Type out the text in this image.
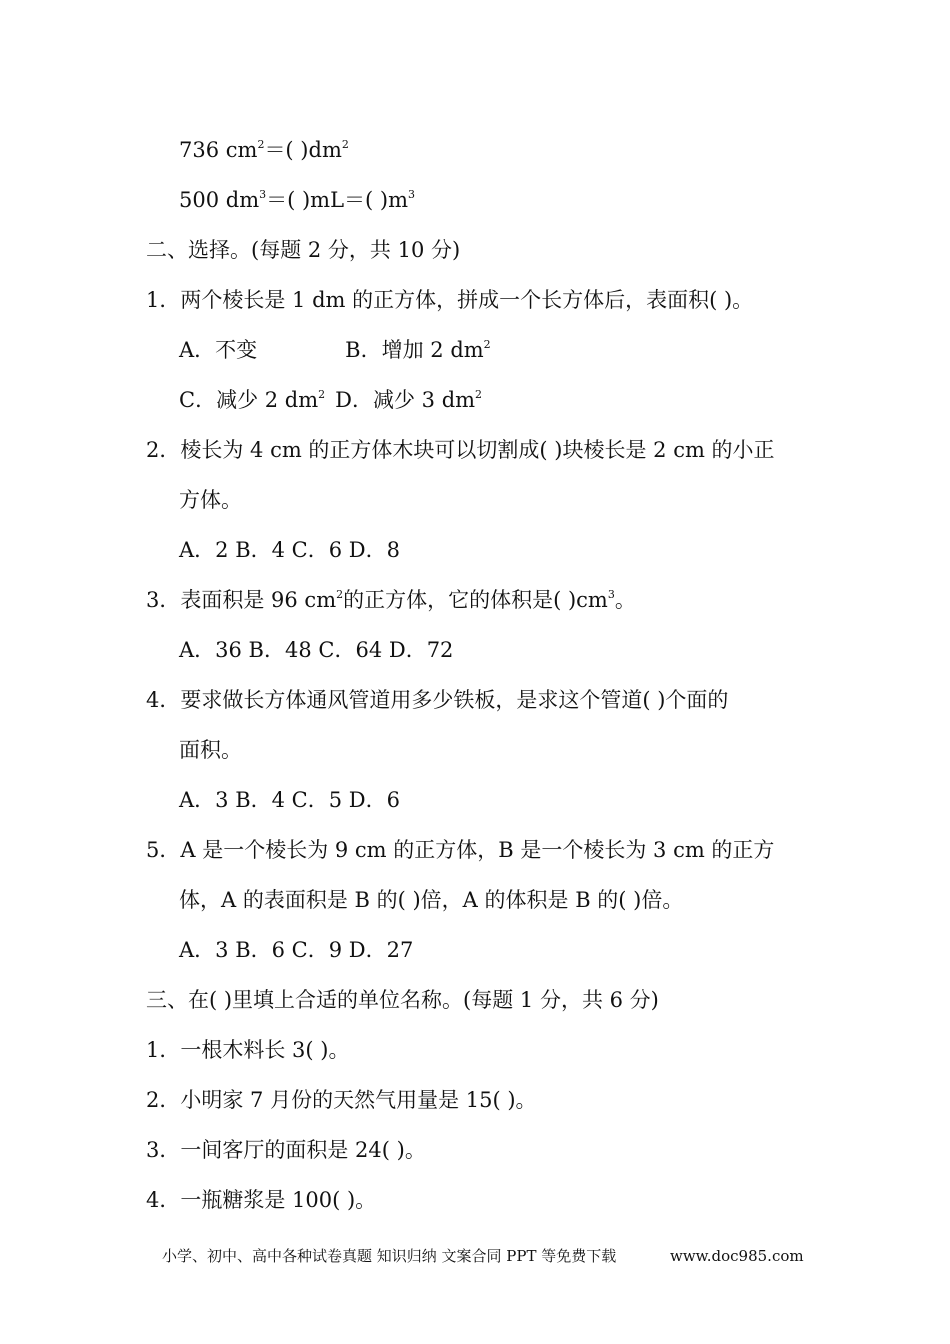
736 $cm^2=$( )$dm^2$
500 $dm^3=$( )mL＝( )$m^3$
二、选择。(每题 2 分，共 10 分)
1．两个棱长是 1 dm 的正方体，拼成一个长方体后，表面积( )。
A．不变	B．增加 2 $dm^2$
C．减少 2 $dm^2$ D．减少 3 $dm^2$
2．棱长为 4 cm 的正方体木块可以切割成( )块棱长是 2 cm 的小正
方体。
A．2 B．4 C．6 D．8
3．表面积是 96 $cm^2$的正方体，它的体积是( )$cm^3$。
A．36 B．48 C．64 D．72
4．要求做长方体通风管道用多少铁板，是求这个管道( )个面的
面积。
A．3 B．4 C．5 D．6
5．A 是一个棱长为 9 cm 的正方体，B 是一个棱长为 3 cm 的正方
体，A 的表面积是 B 的( )倍，A 的体积是 B 的( )倍。
A．3 B．6 C．9 D．27
三、在( )里填上合适的单位名称。(每题 1 分，共 6 分)
1．一根木料长 3( )。
2．小明家 7 月份的天然气用量是 15( )。
3．一间客厅的面积是 24( )。
4．一瓶糖浆是 100( )。
小学、初中、高中各种试卷真题 知识归纳 文案合同 PPT 等免费下载	www.doc985.com
